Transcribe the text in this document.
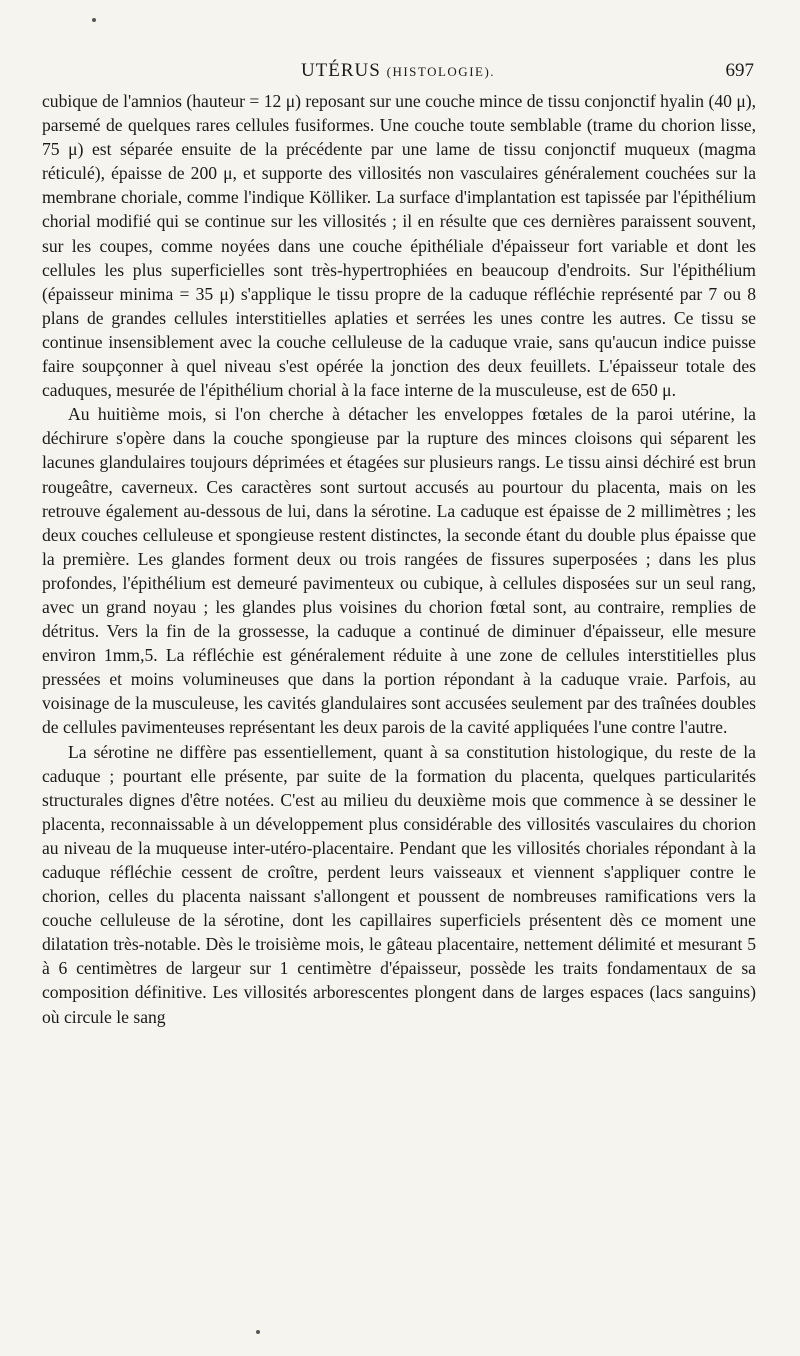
UTÉRUS (HISTOLOGIE).	697

cubique de l'amnios (hauteur = 12 μ) reposant sur une couche mince de tissu conjonctif hyalin (40 μ), parsemé de quelques rares cellules fusiformes. Une couche toute semblable (trame du chorion lisse, 75 μ) est séparée ensuite de la précédente par une lame de tissu conjonctif muqueux (magma réticulé), épaisse de 200 μ, et supporte des villosités non vasculaires généralement couchées sur la membrane choriale, comme l'indique Kölliker. La surface d'implantation est tapissée par l'épithélium chorial modifié qui se continue sur les villosités ; il en résulte que ces dernières paraissent souvent, sur les coupes, comme noyées dans une couche épithéliale d'épaisseur fort variable et dont les cellules les plus superficielles sont très-hypertrophiées en beaucoup d'endroits. Sur l'épithélium (épaisseur minima = 35 μ) s'applique le tissu propre de la caduque réfléchie représenté par 7 ou 8 plans de grandes cellules interstitielles aplaties et serrées les unes contre les autres. Ce tissu se continue insensiblement avec la couche celluleuse de la caduque vraie, sans qu'aucun indice puisse faire soupçonner à quel niveau s'est opérée la jonction des deux feuillets. L'épaisseur totale des caduques, mesurée de l'épithélium chorial à la face interne de la musculeuse, est de 650 μ.

Au huitième mois, si l'on cherche à détacher les enveloppes fœtales de la paroi utérine, la déchirure s'opère dans la couche spongieuse par la rupture des minces cloisons qui séparent les lacunes glandulaires toujours déprimées et étagées sur plusieurs rangs. Le tissu ainsi déchiré est brun rougeâtre, caverneux. Ces caractères sont surtout accusés au pourtour du placenta, mais on les retrouve également au-dessous de lui, dans la sérotine. La caduque est épaisse de 2 millimètres ; les deux couches celluleuse et spongieuse restent distinctes, la seconde étant du double plus épaisse que la première. Les glandes forment deux ou trois rangées de fissures superposées ; dans les plus profondes, l'épithélium est demeuré pavimenteux ou cubique, à cellules disposées sur un seul rang, avec un grand noyau ; les glandes plus voisines du chorion fœtal sont, au contraire, remplies de détritus. Vers la fin de la grossesse, la caduque a continué de diminuer d'épaisseur, elle mesure environ 1mm,5. La réfléchie est généralement réduite à une zone de cellules interstitielles plus pressées et moins volumineuses que dans la portion répondant à la caduque vraie. Parfois, au voisinage de la musculeuse, les cavités glandulaires sont accusées seulement par des traînées doubles de cellules pavimenteuses représentant les deux parois de la cavité appliquées l'une contre l'autre.

La sérotine ne diffère pas essentiellement, quant à sa constitution histologique, du reste de la caduque ; pourtant elle présente, par suite de la formation du placenta, quelques particularités structurales dignes d'être notées. C'est au milieu du deuxième mois que commence à se dessiner le placenta, reconnaissable à un développement plus considérable des villosités vasculaires du chorion au niveau de la muqueuse inter-utéro-placentaire. Pendant que les villosités choriales répondant à la caduque réfléchie cessent de croître, perdent leurs vaisseaux et viennent s'appliquer contre le chorion, celles du placenta naissant s'allongent et poussent de nombreuses ramifications vers la couche celluleuse de la sérotine, dont les capillaires superficiels présentent dès ce moment une dilatation très-notable. Dès le troisième mois, le gâteau placentaire, nettement délimité et mesurant 5 à 6 centimètres de largeur sur 1 centimètre d'épaisseur, possède les traits fondamentaux de sa composition définitive. Les villosités arborescentes plongent dans de larges espaces (lacs sanguins) où circule le sang
